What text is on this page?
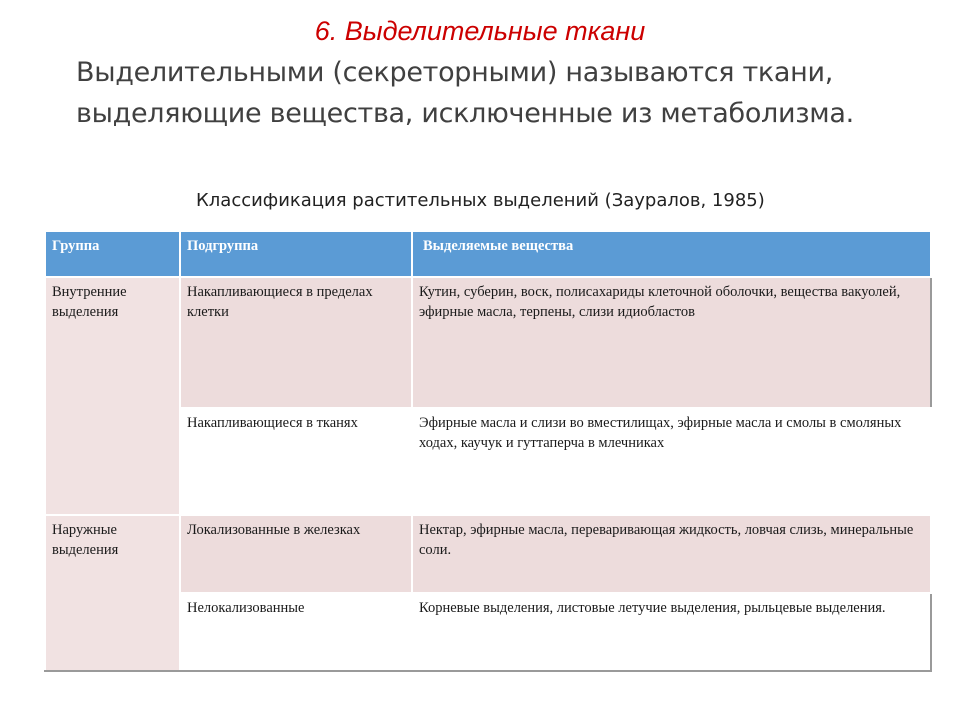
6. Выделительные ткани
Выделительными (секреторными) называются ткани, выделяющие вещества, исключенные из метаболизма.
Классификация растительных выделений (Зауралов, 1985)
Группа	Подгруппа	Выделяемые вещества
Внутренние выделения	Накапливающиеся в пределах клетки	Кутин, суберин, воск, полисахариды клеточной оболочки, вещества вакуолей, эфирные масла, терпены, слизи идиобластов
	Накапливающиеся в тканях	Эфирные масла и слизи во вместилищах, эфирные масла и смолы в смоляных ходах, каучук и гуттаперча в млечниках
Наружные выделения	Локализованные в железках	Нектар, эфирные масла, переваривающая жидкость, ловчая слизь, минеральные соли.
	Нелокализованные	Корневые выделения, листовые летучие выделения, рыльцевые выделения.
